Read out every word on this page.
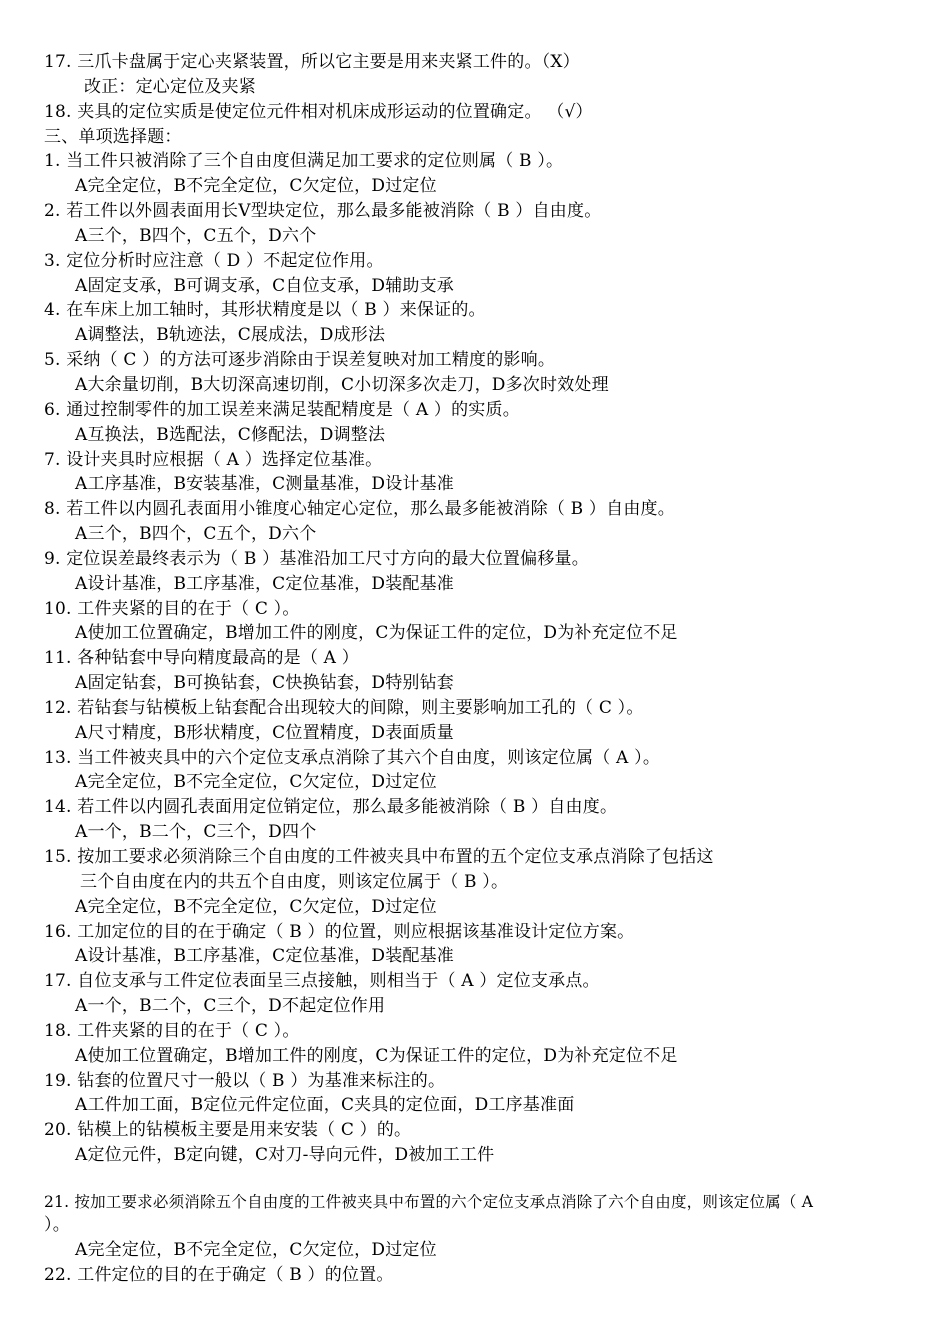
17. 三爪卡盘属于定心夹紧装置，所以它主要是用来夹紧工件的。（X）
改正：定心定位及夹紧
18. 夹具的定位实质是使定位元件相对机床成形运动的位置确定。 （√）
三、单项选择题：
1. 当工件只被消除了三个自由度但满足加工要求的定位则属（ B ）。
A完全定位，B不完全定位，C欠定位，D过定位
2. 若工件以外圆表面用长V型块定位，那么最多能被消除（ B ）自由度。
A三个，B四个，C五个，D六个
3. 定位分析时应注意（ D ）不起定位作用。
A固定支承，B可调支承，C自位支承，D辅助支承
4. 在车床上加工轴时，其形状精度是以（ B ）来保证的。
A调整法，B轨迹法，C展成法，D成形法
5. 采纳（ C ）的方法可逐步消除由于误差复映对加工精度的影响。
A大余量切削，B大切深高速切削，C小切深多次走刀，D多次时效处理
6. 通过控制零件的加工误差来满足装配精度是（ A ）的实质。
A互换法，B选配法，C修配法，D调整法
7. 设计夹具时应根据（ A ）选择定位基准。
A工序基准，B安装基准，C测量基准，D设计基准
8. 若工件以内圆孔表面用小锥度心轴定心定位，那么最多能被消除（ B ）自由度。
A三个，B四个，C五个，D六个
9. 定位误差最终表示为（ B ）基准沿加工尺寸方向的最大位置偏移量。
A设计基准，B工序基准，C定位基准，D装配基准
10. 工件夹紧的目的在于（ C ）。
A使加工位置确定，B增加工件的刚度，C为保证工件的定位，D为补充定位不足
11. 各种钻套中导向精度最高的是（ A ）
A固定钻套，B可换钻套，C快换钻套，D特别钻套
12. 若钻套与钻模板上钻套配合出现较大的间隙，则主要影响加工孔的（ C ）。
A尺寸精度，B形状精度，C位置精度，D表面质量
13. 当工件被夹具中的六个定位支承点消除了其六个自由度，则该定位属（ A ）。
A完全定位，B不完全定位，C欠定位，D过定位
14. 若工件以内圆孔表面用定位销定位，那么最多能被消除（ B ）自由度。
A一个，B二个，C三个，D四个
15. 按加工要求必须消除三个自由度的工件被夹具中布置的五个定位支承点消除了包括这
三个自由度在内的共五个自由度，则该定位属于（ B ）。
A完全定位，B不完全定位，C欠定位，D过定位
16. 工加定位的目的在于确定（ B ）的位置，则应根据该基准设计定位方案。
A设计基准，B工序基准，C定位基准，D装配基准
17. 自位支承与工件定位表面呈三点接触，则相当于（ A ）定位支承点。
A一个，B二个，C三个，D不起定位作用
18. 工件夹紧的目的在于（ C ）。
A使加工位置确定，B增加工件的刚度，C为保证工件的定位，D为补充定位不足
19. 钻套的位置尺寸一般以（ B ）为基准来标注的。
A工件加工面，B定位元件定位面，C夹具的定位面，D工序基准面
20. 钻模上的钻模板主要是用来安装（ C ）的。
A定位元件，B定向键，C对刀-导向元件，D被加工工件
21. 按加工要求必须消除五个自由度的工件被夹具中布置的六个定位支承点消除了六个自由度，则该定位属（ A
）。
A完全定位，B不完全定位，C欠定位，D过定位
22. 工件定位的目的在于确定（ B ）的位置。
